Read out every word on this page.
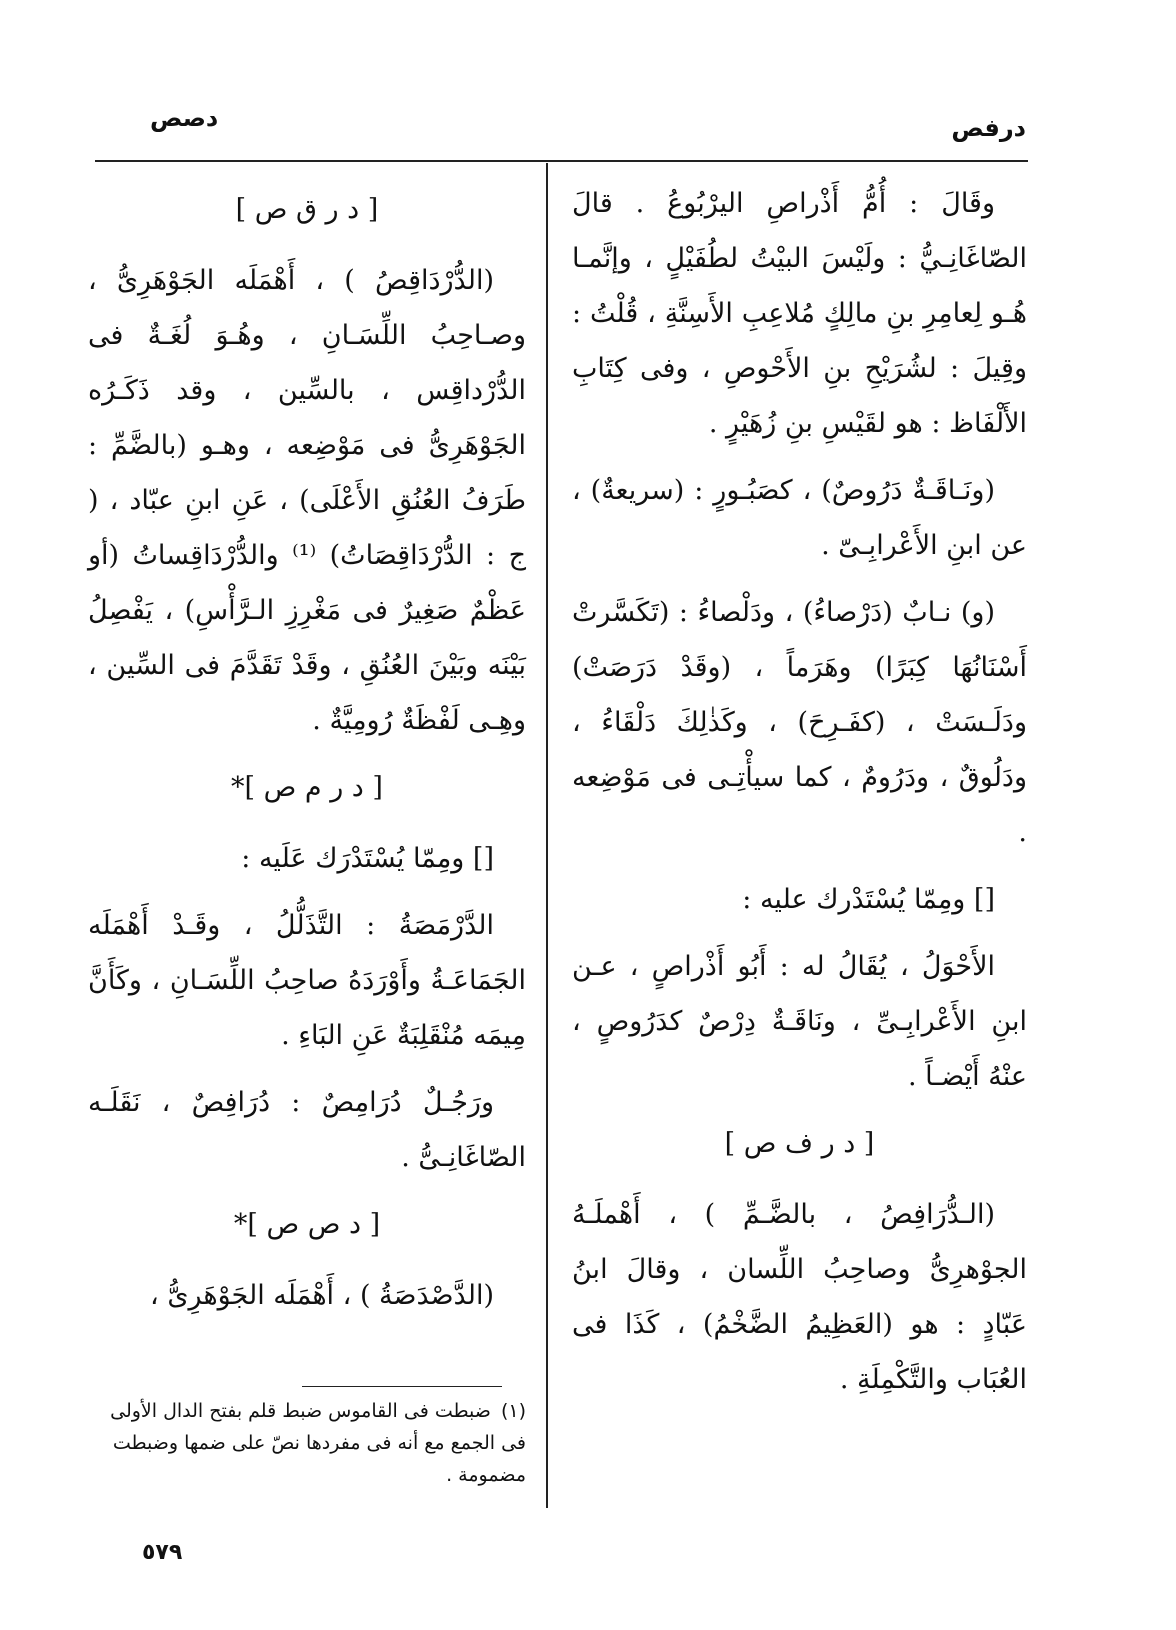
درفص
دصص

وقَالَ : أُمُّ أَذْراصِ اليرْبُوعُ . قالَ الصّاغَانِـيُّ : ولَيْسَ البيْتُ لطُفَيْلٍ ، وإنَّمـا هُـو لِعامِرِ بنِ مالِكٍ مُلاعِبِ الأَسِنَّةِ ، قُلْتُ : وقِيلَ : لشُرَيْحِ بنِ الأَحْوصِ ، وفى كِتَابِ الأَلْفَاظ : هو لقَيْسِ بنِ زُهَيْرٍ .

(ونَـاقَـةٌ دَرُوصٌ) ، كصَبُـورٍ : (سريعةٌ) ، عن ابنِ الأَعْرابِـىّ .

(و) نـابٌ (دَرْصاءُ) ، ودَلْصاءُ : (تَكَسَّرتْ أَسْنَانُهَا كِبَرًا) وهَرَماً ، (وقَدْ دَرَصَتْ) ودَلَـسَتْ ، (كفَـرِحَ) ، وكَذٰلِكَ دَلْقَاءُ ، ودَلُوقٌ ، ودَرُومٌ ، كما سيأْتِـى فى مَوْضِعه .

[] ومِمّا يُسْتَدْرك عليه :

الأَحْوَلُ ، يُقَالُ له : أَبُو أَذْراصٍ ، عـن ابنِ الأَعْرابِـىِّ ، ونَاقَـةٌ دِرْصٌ كدَرُوصٍ ، عنْهُ أَيْضـاً .

[ د ر ف ص ]

(الـدُّرَافِصُ ، بالضَّـمِّ ) ، أَهْملَـهُ الجوْهرِىُّ وصاحِبُ اللِّسان ، وقالَ ابنُ عَبّادٍ : هو (العَظِيمُ الضَّخْمُ) ، كَذَا فى العُبَاب والتَّكْمِلَةِ .

[ د ر ق ص ]

(الدُّرْدَاقِصُ ) ، أَهْمَلَه الجَوْهَرِىُّ ، وصـاحِبُ اللِّسَـانِ ، وهُـوَ لُغَـةٌ فى الدُّرْداقِس ، بالسِّين ، وقد ذَكَـرُه الجَوْهَرِىُّ فى مَوْضِعه ، وهـو (بالضَّمِّ : طَرَفُ العُنُقِ الأَعْلَى) ، عَنِ ابنِ عبّاد ، ( ج : الدُّرْدَاقِصَاتُ) ⁽¹⁾ والدُّرْدَاقِساتُ (أو عَظْمٌ صَغِيرٌ فى مَغْرِزِ الـرَّأْسِ) ، يَفْصِلُ بَيْنَه وبَيْنَ العُنُقِ ، وقَدْ تَقَدَّمَ فى السِّين ، وهِـى لَفْظَةٌ رُومِيَّةٌ .

[ د ر م ص ]*

[] ومِمّا يُسْتَدْرَك عَلَيه :

الدَّرْمَصَةُ : التَّذَلُّلُ ، وقَـدْ أَهْمَلَه الجَمَاعَـةُ وأَوْرَدَهُ صاحِبُ اللِّسَـانِ ، وكَأَنَّ مِيمَه مُنْقَلِبَةٌ عَنِ البَاءِ .

ورَجُـلٌ دُرَامِصٌ : دُرَافِصٌ ، نَقَلَـه الصّاغَانِـىُّ .

[ د ص ص ]*

(الدَّصْدَصَةُ ) ، أَهْمَلَه الجَوْهَرِىُّ ،

(١)ضبطت فى القاموس ضبط قلم بفتح الدال الأولى فى الجمع مع أنه فى مفردها نصّ على ضمها وضبطت مضمومة .
٥٧٩
